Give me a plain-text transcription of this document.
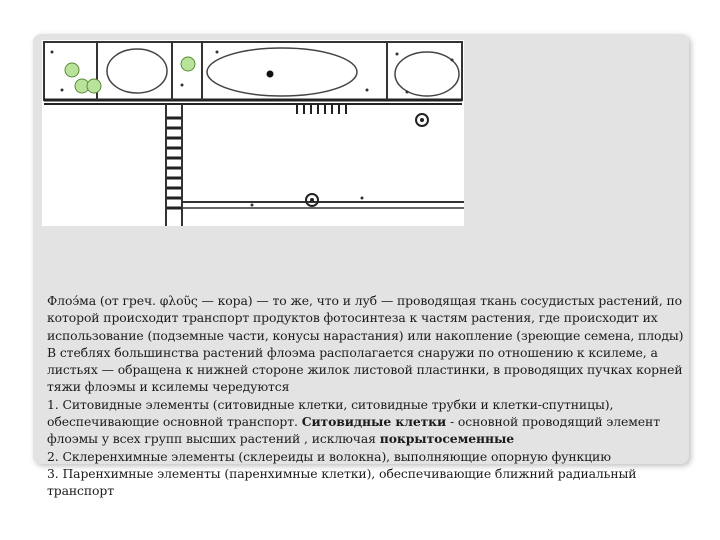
Флоэ́ма (от греч. φλοῦς — кора) — то же, что и луб — проводящая ткань сосудистых растений, по которой происходит транспорт продуктов фотосинтеза к частям растения, где происходит их использование (подземные части, конусы нарастания) или накопление (зреющие семена, плоды) В стеблях большинства растений флоэма располагается снаружи по отношению к ксилеме, а листьях — обращена к нижней стороне жилок листовой пластинки, в проводящих пучках корней тяжи флоэмы и ксилемы чередуются

1. Ситовидные элементы (ситовидные клетки, ситовидные трубки и клетки-спутницы), обеспечивающие основной транспорт. Ситовидные клетки - основной проводящий элемент флоэмы у всех групп высших растений , исключая покрытосеменные

2. Склеренхимные элементы (склереиды и волокна), выполняющие опорную функцию

3. Паренхимные элементы (паренхимные клетки), обеспечивающие ближний радиальный транспорт
